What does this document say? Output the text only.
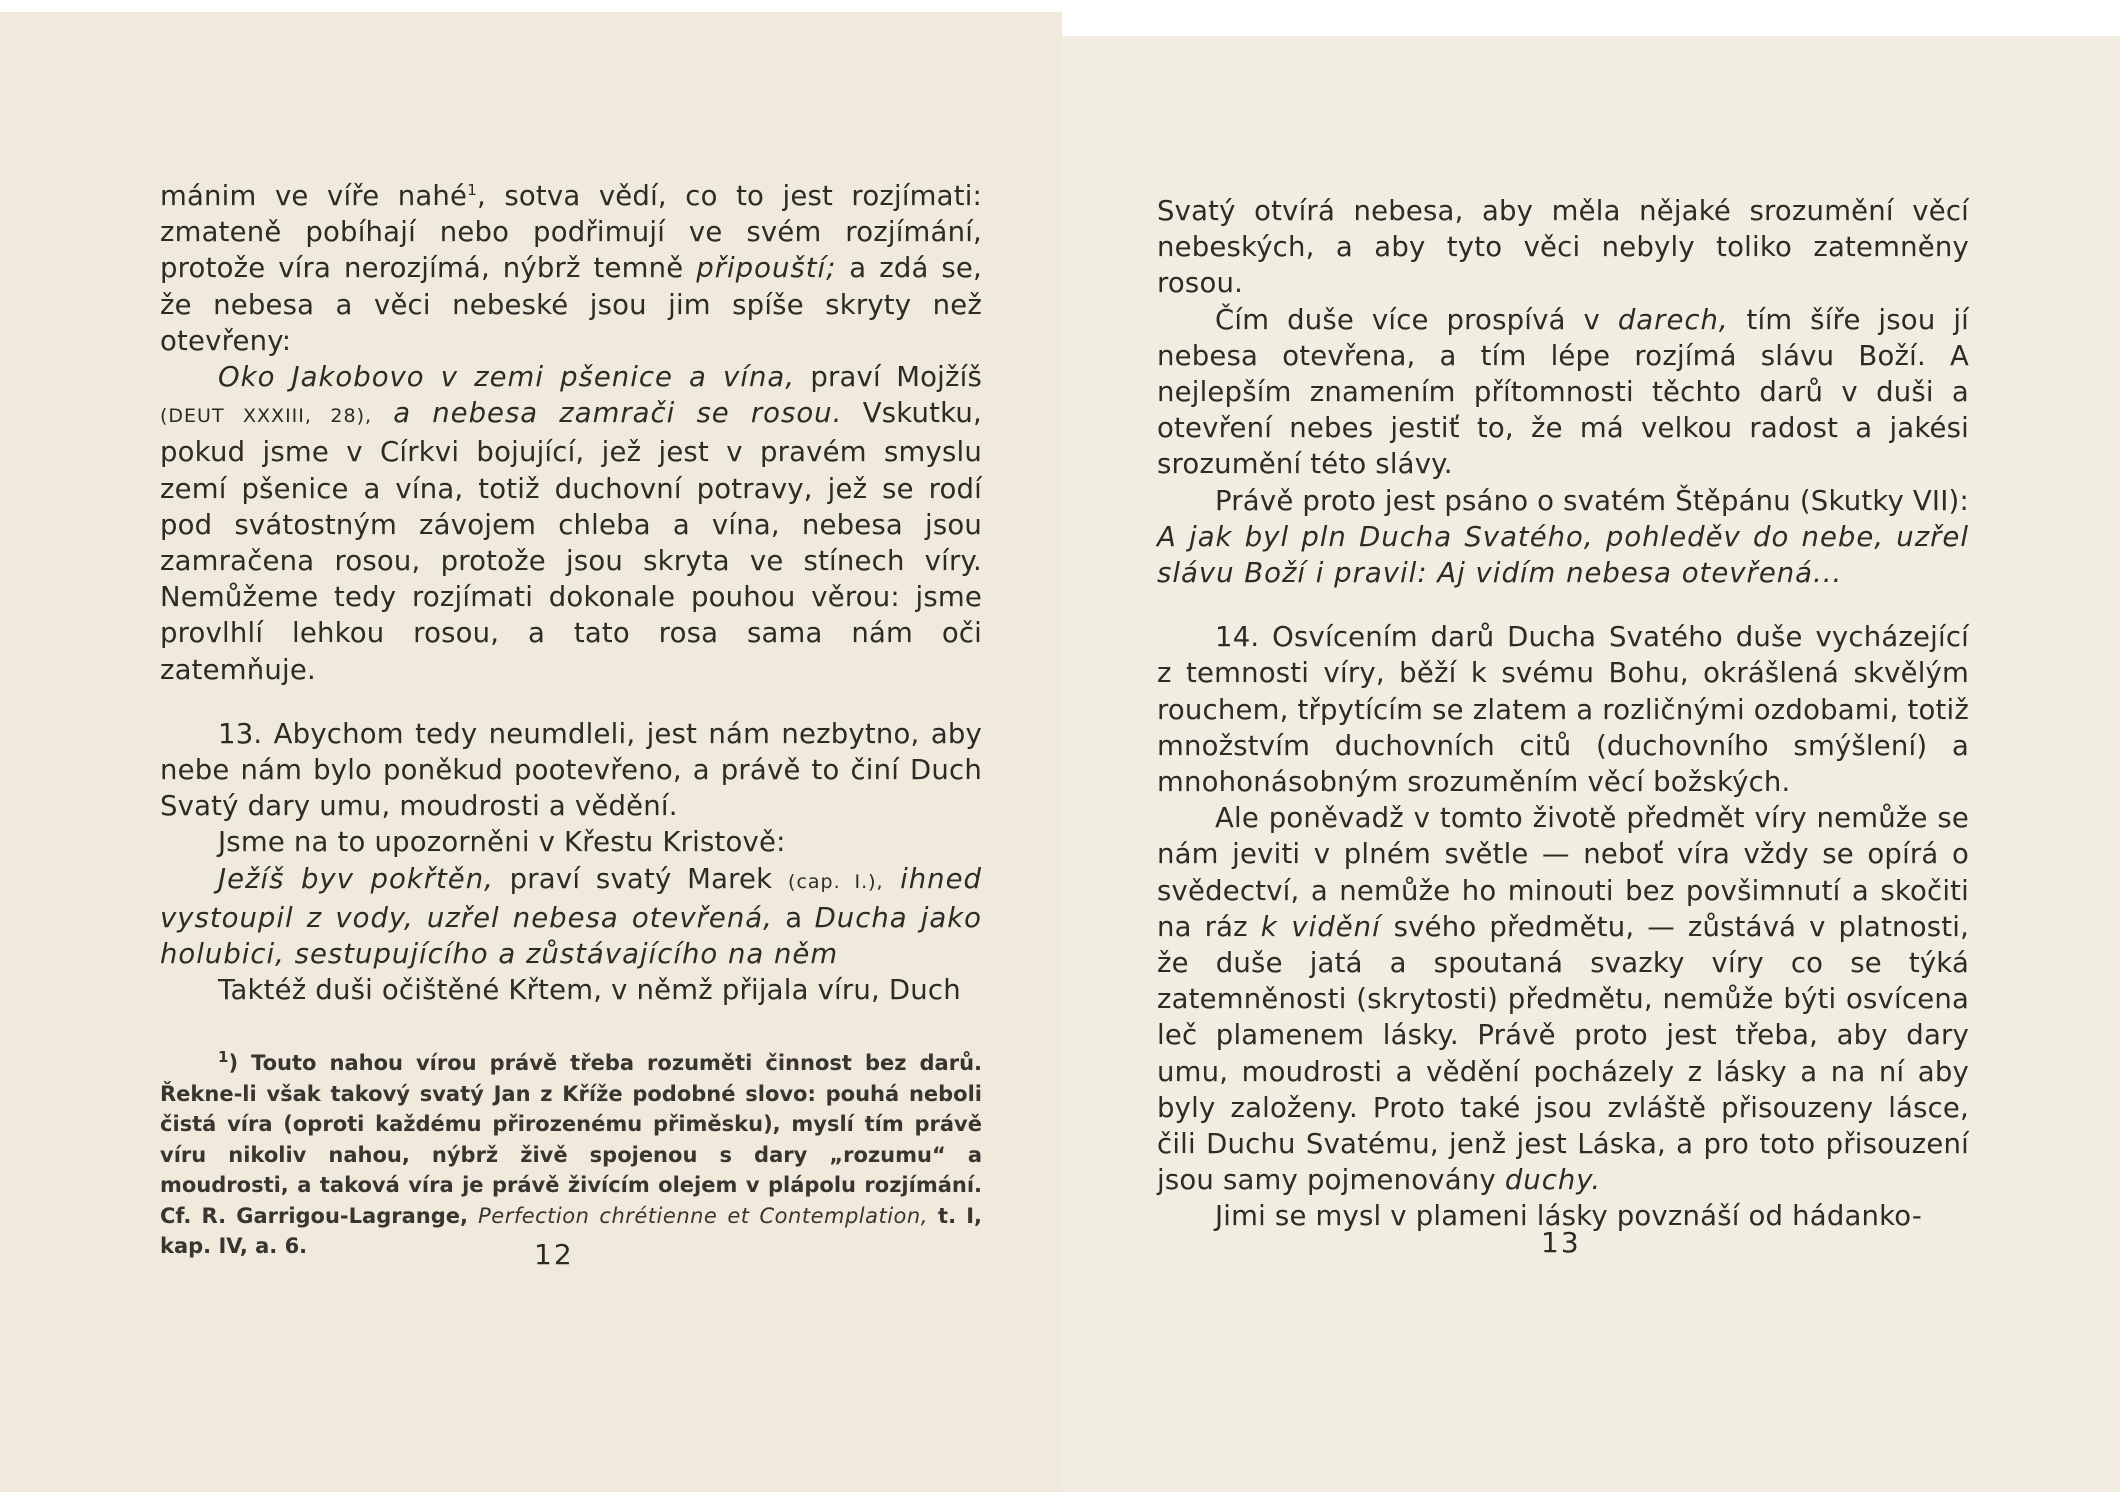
mánim ve víře nahé$^1$, sotva vědí, co to jest rozjímati: zmateně pobíhají nebo podřimují ve svém rozjímání, protože víra nerozjímá, nýbrž temně připouští; a zdá se, že nebesa a věci nebeské jsou jim spíše skryty než otevřeny:

Oko Jakobovo v zemi pšenice a vína, praví Mojžíš (DEUT XXXIII, 28), a nebesa zamrači se rosou. Vskutku, pokud jsme v Církvi bojující, jež jest v pravém smyslu zemí pšenice a vína, totiž duchovní potravy, jež se rodí pod svátostným závojem chleba a vína, nebesa jsou zamračena rosou, protože jsou skryta ve stínech víry. Nemůžeme tedy rozjímati dokonale pouhou věrou: jsme provlhlí lehkou rosou, a tato rosa sama nám oči zatemňuje.

13. Abychom tedy neumdleli, jest nám nezbytno, aby nebe nám bylo poněkud pootevřeno, a právě to činí Duch Svatý dary umu, moudrosti a vědění.

Jsme na to upozorněni v Křestu Kristově:

Ježíš byv pokřtěn, praví svatý Marek (cap. I.), ihned vystoupil z vody, uzřel nebesa otevřená, a Ducha jako holubici, sestupujícího a zůstávajícího na něm

Taktéž duši očištěné Křtem, v němž přijala víru, Duch

$^1$) Touto nahou vírou právě třeba rozuměti činnost bez darů. Řekne-li však takový svatý Jan z Kříže podobné slovo: pouhá neboli čistá víra (oproti každému přirozenému přiměsku), myslí tím právě víru nikoliv nahou, nýbrž živě spojenou s dary „rozumu“ a moudrosti, a taková víra je právě živícím olejem v plápolu rozjímání. Cf. R. Garrigou-Lagrange, Perfection chrétienne et Contemplation, t. I, kap. IV, a. 6.	12

Svatý otvírá nebesa, aby měla nějaké srozumění věcí nebeských, a aby tyto věci nebyly toliko zatemněny rosou.

Čím duše více prospívá v darech, tím šíře jsou jí nebesa otevřena, a tím lépe rozjímá slávu Boží. A nejlepším znamením přítomnosti těchto darů v duši a otevření nebes jestiť to, že má velkou radost a jakési srozumění této slávy.

Právě proto jest psáno o svatém Štěpánu (Skutky VII):

A jak byl pln Ducha Svatého, pohleděv do nebe, uzřel slávu Boží i pravil: Aj vidím nebesa otevřená...

14. Osvícením darů Ducha Svatého duše vycházející z temnosti víry, běží k svému Bohu, okrášlená skvělým rouchem, třpytícím se zlatem a rozličnými ozdobami, totiž množstvím duchovních citů (duchovního smýšlení) a mnohonásobným srozuměním věcí božských.

Ale poněvadž v tomto životě předmět víry nemůže se nám jeviti v plném světle — neboť víra vždy se opírá o svědectví, a nemůže ho minouti bez povšimnutí a skočiti na ráz k vidění svého předmětu, — zůstává v platnosti, že duše jatá a spoutaná svazky víry co se týká zatemněnosti (skrytosti) předmětu, nemůže býti osvícena leč plamenem lásky. Právě proto jest třeba, aby dary umu, moudrosti a vědění pocházely z lásky a na ní aby byly založeny. Proto také jsou zvláště přisouzeny lásce, čili Duchu Svatému, jenž jest Láska, a pro toto přisouzení jsou samy pojmenovány duchy.

Jimi se mysl v plameni lásky povznáší od hádanko-

13
